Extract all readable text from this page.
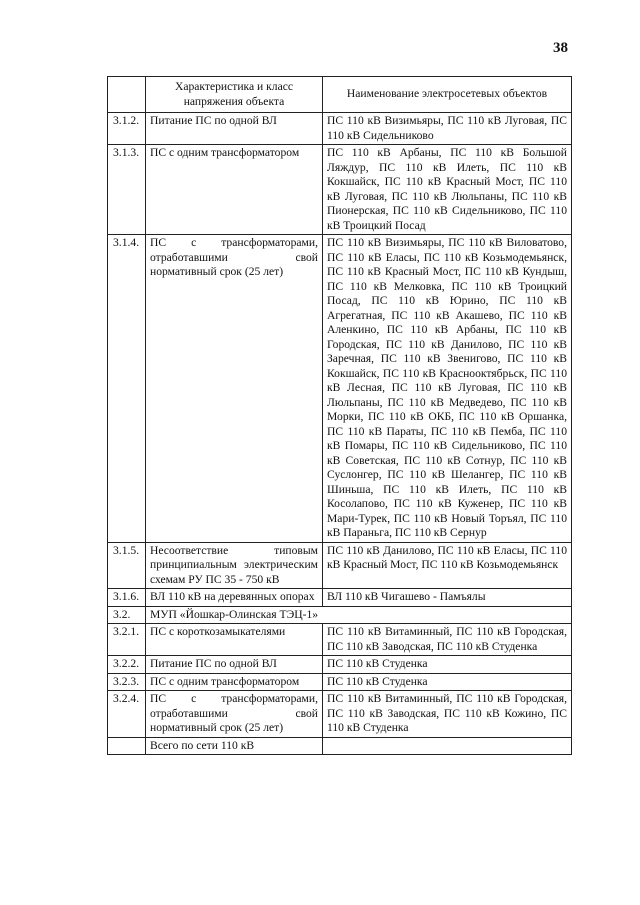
38
	Характеристика и класс напряжения объекта	Наименование электросетевых объектов
3.1.2.	Питание ПС по одной ВЛ	ПС 110 кВ Визимьяры, ПС 110 кВ Луговая, ПС 110 кВ Сидельниково
3.1.3.	ПС с одним трансформатором	ПС 110 кВ Арбаны, ПС 110 кВ Большой Ляждур, ПС 110 кВ Илеть, ПС 110 кВ Кокшайск, ПС 110 кВ Красный Мост, ПС 110 кВ Луговая, ПС 110 кВ Люльпаны, ПС 110 кВ Пионерская, ПС 110 кВ Сидельниково, ПС 110 кВ Троицкий Посад
3.1.4.	ПС с трансформаторами, отработавшими свой нормативный срок (25 лет)	ПС 110 кВ Визимьяры, ПС 110 кВ Виловатово, ПС 110 кВ Еласы, ПС 110 кВ Козьмодемьянск, ПС 110 кВ Красный Мост, ПС 110 кВ Кундыш, ПС 110 кВ Мелковка, ПС 110 кВ Троицкий Посад, ПС 110 кВ Юрино, ПС 110 кВ Агрегатная, ПС 110 кВ Акашево, ПС 110 кВ Аленкино, ПС 110 кВ Арбаны, ПС 110 кВ Городская, ПС 110 кВ Данилово, ПС 110 кВ Заречная, ПС 110 кВ Звенигово, ПС 110 кВ Кокшайск, ПС 110 кВ Краснооктябрьск, ПС 110 кВ Лесная, ПС 110 кВ Луговая, ПС 110 кВ Люльпаны, ПС 110 кВ Медведево, ПС 110 кВ Морки, ПС 110 кВ ОКБ, ПС 110 кВ Оршанка, ПС 110 кВ Параты, ПС 110 кВ Пемба, ПС 110 кВ Помары, ПС 110 кВ Сидельниково, ПС 110 кВ Советская, ПС 110 кВ Сотнур, ПС 110 кВ Суслонгер, ПС 110 кВ Шелангер, ПС 110 кВ Шиньша, ПС 110 кВ Илеть, ПС 110 кВ Косолапово, ПС 110 кВ Куженер, ПС 110 кВ Мари-Турек, ПС 110 кВ Новый Торъял, ПС 110 кВ Параньга, ПС 110 кВ Сернур
3.1.5.	Несоответствие типовым принципиальным электрическим схемам РУ ПС 35 - 750 кВ	ПС 110 кВ Данилово, ПС 110 кВ Еласы, ПС 110 кВ Красный Мост, ПС 110 кВ Козьмодемьянск
3.1.6.	ВЛ 110 кВ на деревянных опорах	ВЛ 110 кВ Чигашево - Памъялы
3.2.	МУП «Йошкар-Олинская ТЭЦ-1»	
3.2.1.	ПС с короткозамыкателями	ПС 110 кВ Витаминный, ПС 110 кВ Городская, ПС 110 кВ Заводская, ПС 110 кВ Студенка
3.2.2.	Питание ПС по одной ВЛ	ПС 110 кВ Студенка
3.2.3.	ПС с одним трансформатором	ПС 110 кВ Студенка
3.2.4.	ПС с трансформаторами, отработавшими свой нормативный срок (25 лет)	ПС 110 кВ Витаминный, ПС 110 кВ Городская, ПС 110 кВ Заводская, ПС 110 кВ Кожино, ПС 110 кВ Студенка
	Всего по сети 110 кВ	
